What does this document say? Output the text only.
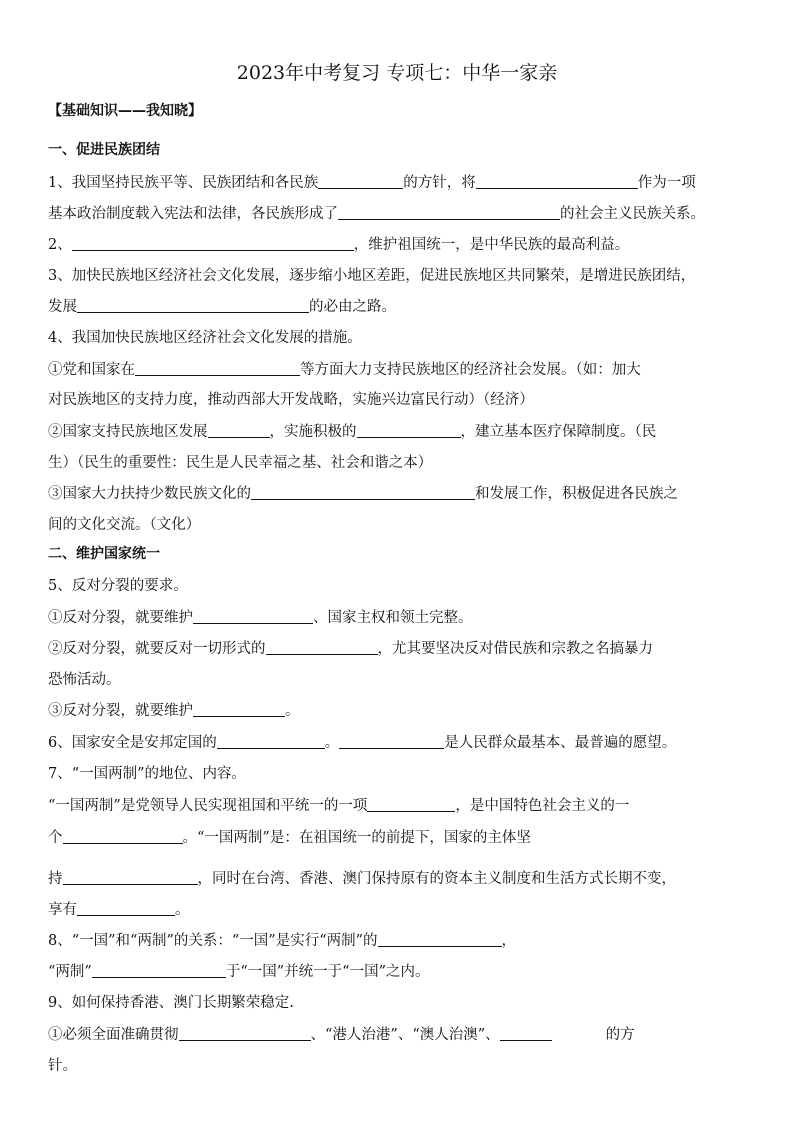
2023年中考复习 专项七：中华一家亲
【基础知识——我知晓】
一、促进民族团结
1、我国坚持民族平等、民族团结和各民族	的方针，将	作为一项
基本政治制度载入宪法和法律，各民族形成了	的社会主义民族关系。
2、	，维护祖国统一，是中华民族的最高利益。
3、加快民族地区经济社会文化发展，逐步缩小地区差距，促进民族地区共同繁荣，是增进民族团结，
发展	的必由之路。
4、我国加快民族地区经济社会文化发展的措施。
①党和国家在	等方面大力支持民族地区的经济社会发展。（如：加大
对民族地区的支持力度，推动西部大开发战略，实施兴边富民行动）（经济）
②国家支持民族地区发展	，实施积极的	，建立基本医疗保障制度。（民
生）（民生的重要性：民生是人民幸福之基、社会和谐之本）
③国家大力扶持少数民族文化的	和发展工作，积极促进各民族之
间的文化交流。（文化）
二、维护国家统一
5、反对分裂的要求。
①反对分裂，就要维护	、国家主权和领土完整。
②反对分裂，就要反对一切形式的	，尤其要坚决反对借民族和宗教之名搞暴力
恐怖活动。
③反对分裂，就要维护	。
6、国家安全是安邦定国的	。	是人民群众最基本、最普遍的愿望。
7、“一国两制”的地位、内容。
“一国两制”是党领导人民实现祖国和平统一的一项	，是中国特色社会主义的一
个	。“一国两制”是：在祖国统一的前提下，国家的主体坚
持	，同时在台湾、香港、澳门保持原有的资本主义制度和生活方式长期不变，
享有	。
8、“一国”和“两制”的关系：“一国”是实行“两制”的	，
“两制”	于“一国”并统一于“一国”之内。
9、如何保持香港、澳门长期繁荣稳定.
①必须全面准确贯彻	、“港人治港”、“澳人治澳”、	的方
针。
